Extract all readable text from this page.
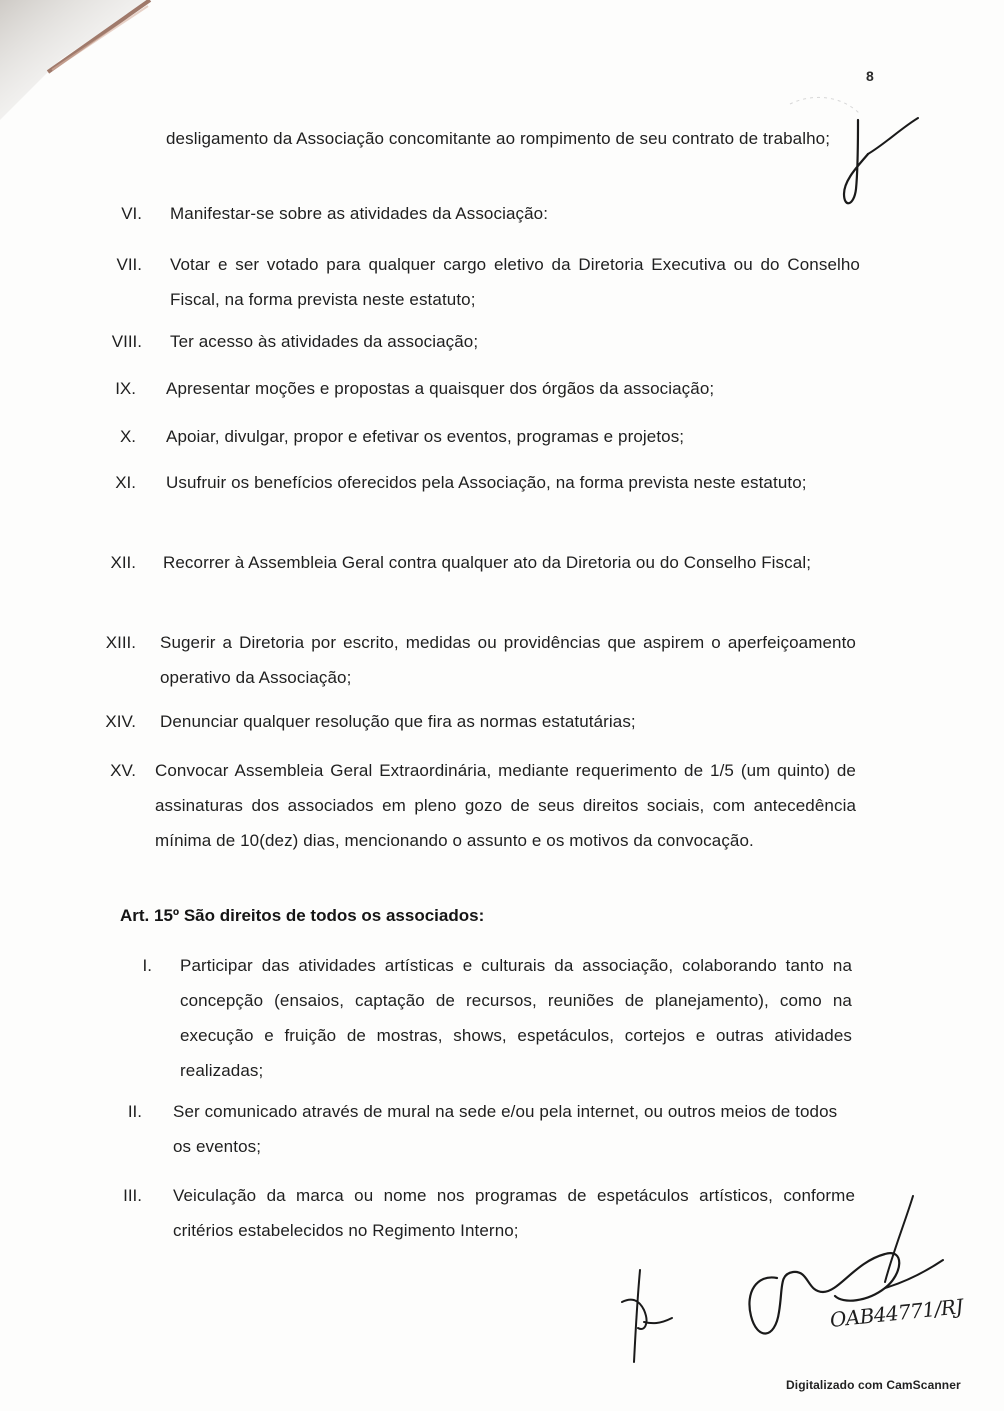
8
desligamento da Associação concomitante ao rompimento de seu contrato de trabalho;
VI. Manifestar-se sobre as atividades da Associação:
VII. Votar e ser votado para qualquer cargo eletivo da Diretoria Executiva ou do Conselho Fiscal, na forma prevista neste estatuto;
VIII. Ter acesso às atividades da associação;
IX. Apresentar moções e propostas a quaisquer dos órgãos da associação;
X. Apoiar, divulgar, propor e efetivar os eventos, programas e projetos;
XI. Usufruir os benefícios oferecidos pela Associação, na forma prevista neste estatuto;
XII. Recorrer à Assembleia Geral contra qualquer ato da Diretoria ou do Conselho Fiscal;
XIII. Sugerir a Diretoria por escrito, medidas ou providências que aspirem o aperfeiçoamento operativo da Associação;
XIV. Denunciar qualquer resolução que fira as normas estatutárias;
XV. Convocar Assembleia Geral Extraordinária, mediante requerimento de 1/5 (um quinto) de assinaturas dos associados em pleno gozo de seus direitos sociais, com antecedência mínima de 10(dez) dias, mencionando o assunto e os motivos da convocação.
Art. 15º São direitos de todos os associados:
I. Participar das atividades artísticas e culturais da associação, colaborando tanto na concepção (ensaios, captação de recursos, reuniões de planejamento), como na execução e fruição de mostras, shows, espetáculos, cortejos e outras atividades realizadas;
II. Ser comunicado através de mural na sede e/ou pela internet, ou outros meios de todos os eventos;
III. Veiculação da marca ou nome nos programas de espetáculos artísticos, conforme critérios estabelecidos no Regimento Interno;
OAB44771/RJ
Digitalizado com CamScanner
